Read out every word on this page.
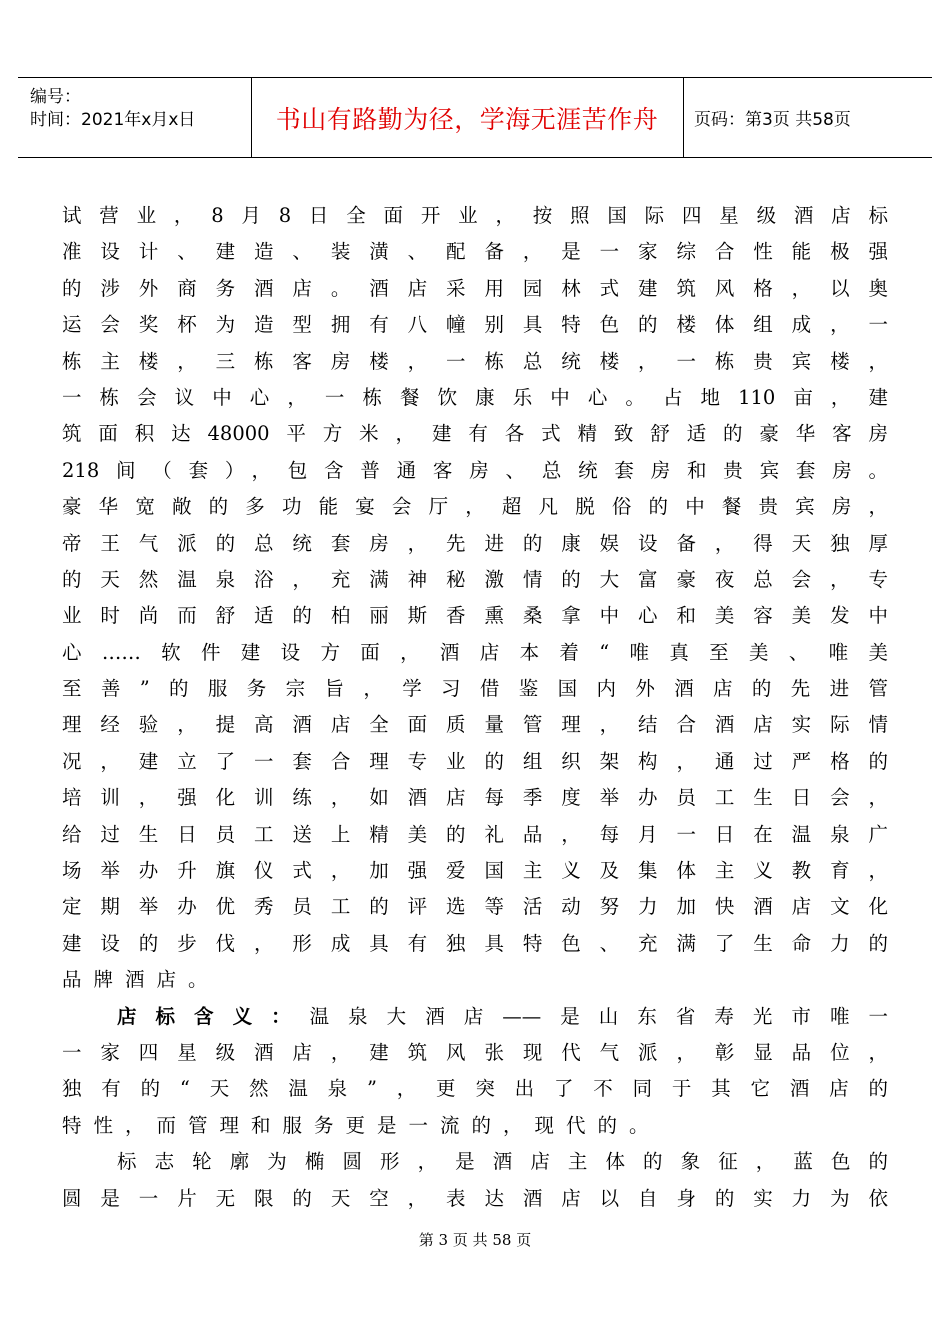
编号：
时间：2021年x月x日	书山有路勤为径，学海无涯苦作舟 页码：第3页 共58页
试营业，8月8日全面开业，按照国际四星级酒店标
准设计、建造、装潢、配备，是一家综合性能极强
的涉外商务酒店。酒店采用园林式建筑风格，以奥
运会奖杯为造型拥有八幢别具特色的楼体组成，一
栋主楼，三栋客房楼，一栋总统楼，一栋贵宾楼，
一栋会议中心，一栋餐饮康乐中心。占地110亩，建
筑面积达48000平方米，建有各式精致舒适的豪华客房
218间（套），包含普通客房、总统套房和贵宾套房。
豪华宽敞的多功能宴会厅，超凡脱俗的中餐贵宾房，
帝王气派的总统套房，先进的康娱设备，得天独厚
的天然温泉浴，充满神秘激情的大富豪夜总会，专
业时尚而舒适的柏丽斯香熏桑拿中心和美容美发中
心……软件建设方面，酒店本着“唯真至美、唯美
至善”的服务宗旨，学习借鉴国内外酒店的先进管
理经验，提高酒店全面质量管理，结合酒店实际情
况，建立了一套合理专业的组织架构，通过严格的
培训，强化训练，如酒店每季度举办员工生日会，
给过生日员工送上精美的礼品，每月一日在温泉广
场举办升旗仪式，加强爱国主义及集体主义教育，
定期举办优秀员工的评选等活动努力加快酒店文化
建设的步伐，形成具有独具特色、充满了生命力的
品牌酒店。
店标含义：温泉大酒店——是山东省寿光市唯一
一家四星级酒店，建筑风张现代气派，彰显品位，
独有的“天然温泉”，更突出了不同于其它酒店的
特性，而管理和服务更是一流的，现代的。
标志轮廓为椭圆形，是酒店主体的象征，蓝色的
圆是一片无限的天空，表达酒店以自身的实力为依
第 3 页 共 58 页
